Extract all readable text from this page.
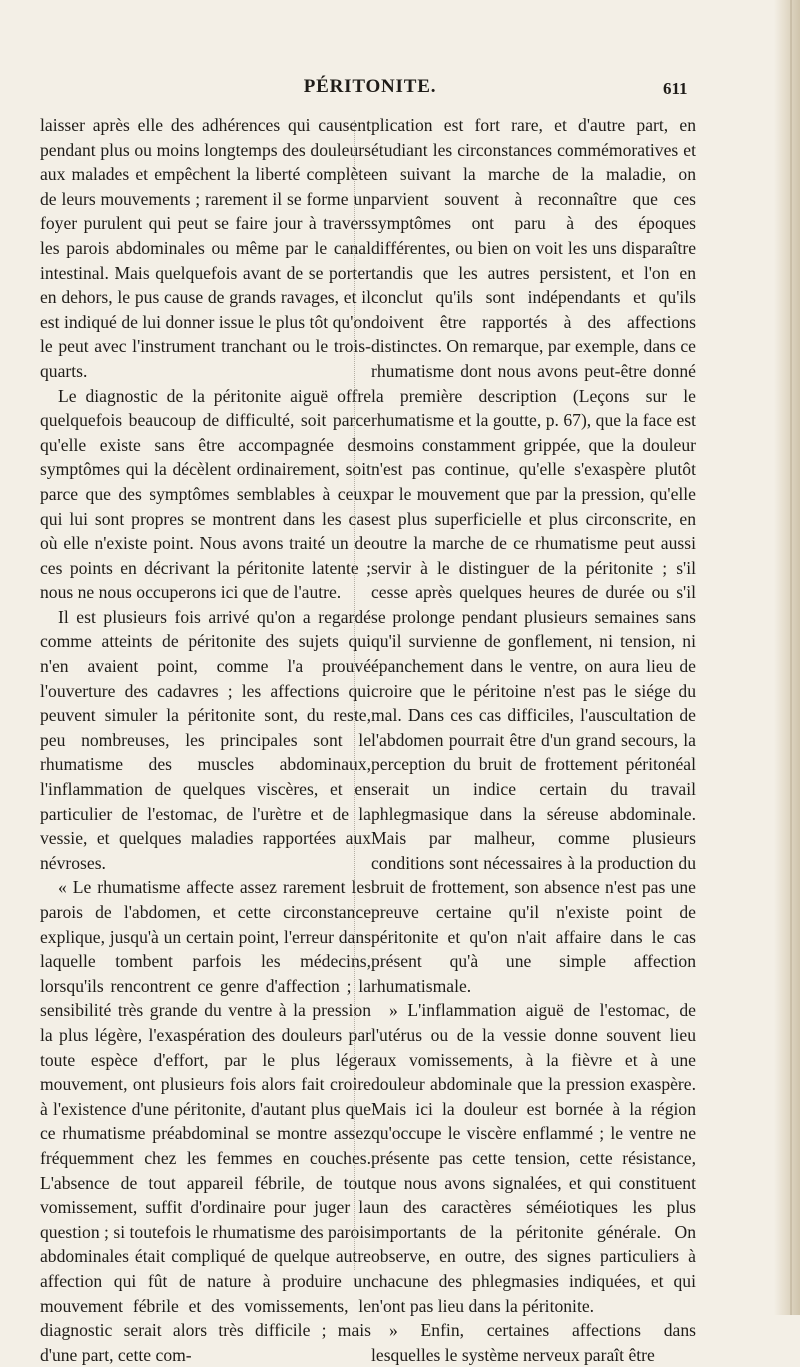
PÉRITONITE.	611

laisser après elle des adhérences qui causent pendant plus ou moins longtemps des douleurs aux malades et empêchent la liberté complète de leurs mouvements ; rarement il se forme un foyer purulent qui peut se faire jour à travers les parois abdominales ou même par le canal intestinal. Mais quelquefois avant de se porter en dehors, le pus cause de grands ravages, et il est indiqué de lui donner issue le plus tôt qu'on le peut avec l'instrument tranchant ou le trois-quarts.

Le diagnostic de la péritonite aiguë offre quelquefois beaucoup de difficulté, soit parce qu'elle existe sans être accompagnée des symptômes qui la décèlent ordinairement, soit parce que des symptômes semblables à ceux qui lui sont propres se montrent dans les cas où elle n'existe point. Nous avons traité un de ces points en décrivant la péritonite latente ; nous ne nous occuperons ici que de l'autre.

Il est plusieurs fois arrivé qu'on a regardé comme atteints de péritonite des sujets qui n'en avaient point, comme l'a prouvé l'ouverture des cadavres ; les affections qui peuvent simuler la péritonite sont, du reste, peu nombreuses, les principales sont le rhumatisme des muscles abdominaux, l'inflammation de quelques viscères, et en particulier de l'estomac, de l'urètre et de la vessie, et quelques maladies rapportées aux névroses.

« Le rhumatisme affecte assez rarement les parois de l'abdomen, et cette circonstance explique, jusqu'à un certain point, l'erreur dans laquelle tombent parfois les médecins, lorsqu'ils rencontrent ce genre d'affection ; la sensibilité très grande du ventre à la pression la plus légère, l'exaspération des douleurs par toute espèce d'effort, par le plus léger mouvement, ont plusieurs fois alors fait croire à l'existence d'une péritonite, d'autant plus que ce rhumatisme préabdominal se montre assez fréquemment chez les femmes en couches. L'absence de tout appareil fébrile, de tout vomissement, suffit d'ordinaire pour juger la question ; si toutefois le rhumatisme des parois abdominales était compliqué de quelque autre affection qui fût de nature à produire un mouvement fébrile et des vomissements, le diagnostic serait alors très difficile ; mais d'une part, cette com-

plication est fort rare, et d'autre part, en étudiant les circonstances commémoratives et en suivant la marche de la maladie, on parvient souvent à reconnaître que ces symptômes ont paru à des époques différentes, ou bien on voit les uns disparaître tandis que les autres persistent, et l'on en conclut qu'ils sont indépendants et qu'ils doivent être rapportés à des affections distinctes. On remarque, par exemple, dans ce rhumatisme dont nous avons peut-être donné la première description (Leçons sur le rhumatisme et la goutte, p. 67), que la face est moins constamment grippée, que la douleur n'est pas continue, qu'elle s'exaspère plutôt par le mouvement que par la pression, qu'elle est plus superficielle et plus circonscrite, en outre la marche de ce rhumatisme peut aussi servir à le distinguer de la péritonite ; s'il cesse après quelques heures de durée ou s'il se prolonge pendant plusieurs semaines sans qu'il survienne de gonflement, ni tension, ni épanchement dans le ventre, on aura lieu de croire que le péritoine n'est pas le siége du mal. Dans ces cas difficiles, l'auscultation de l'abdomen pourrait être d'un grand secours, la perception du bruit de frottement péritonéal serait un indice certain du travail phlegmasique dans la séreuse abdominale. Mais par malheur, comme plusieurs conditions sont nécessaires à la production du bruit de frottement, son absence n'est pas une preuve certaine qu'il n'existe point de péritonite et qu'on n'ait affaire dans le cas présent qu'à une simple affection rhumatismale.

» L'inflammation aiguë de l'estomac, de l'utérus ou de la vessie donne souvent lieu aux vomissements, à la fièvre et à une douleur abdominale que la pression exaspère. Mais ici la douleur est bornée à la région qu'occupe le viscère enflammé ; le ventre ne présente pas cette tension, cette résistance, que nous avons signalées, et qui constituent un des caractères séméiotiques les plus importants de la péritonite générale. On observe, en outre, des signes particuliers à chacune des phlegmasies indiquées, et qui n'ont pas lieu dans la péritonite.

» Enfin, certaines affections dans lesquelles le système nerveux paraît être
